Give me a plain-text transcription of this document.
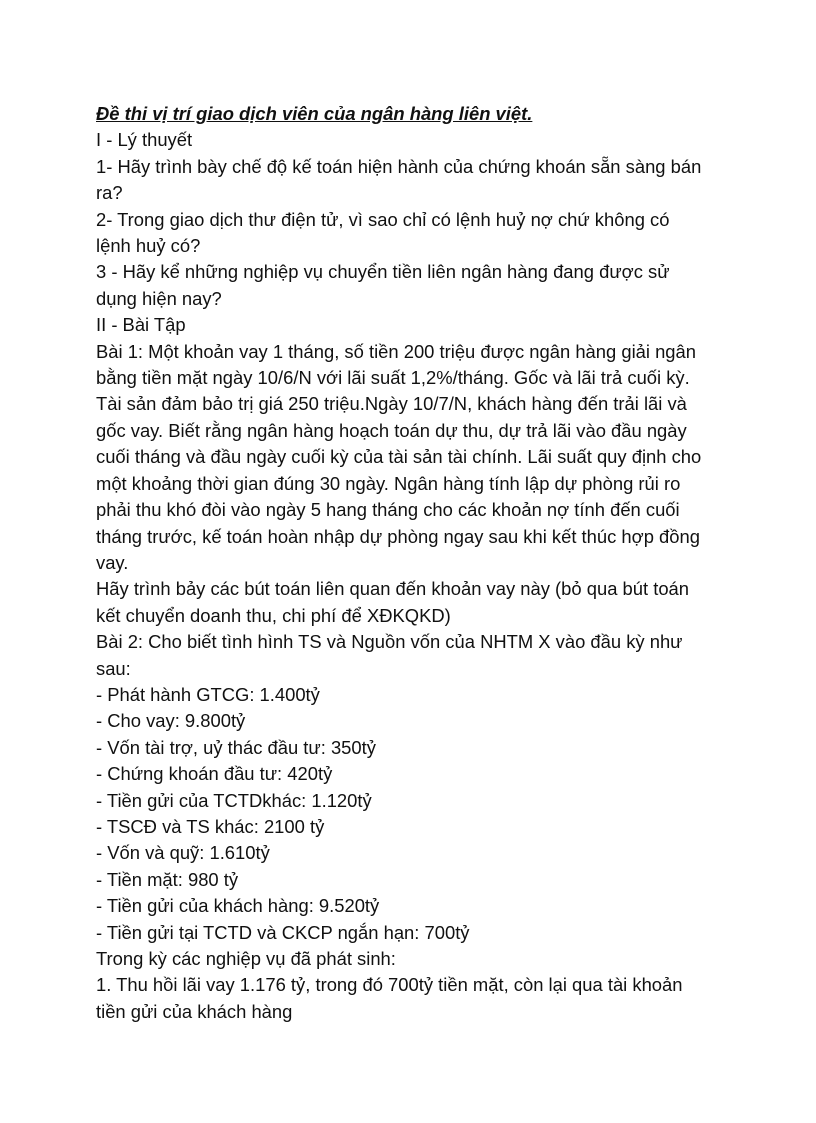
Đề thi vị trí giao dịch viên của ngân hàng liên việt.

I - Lý thuyết

1- Hãy trình bày chế độ kế toán hiện hành của chứng khoán sẵn sàng bán

ra?

2- Trong giao dịch thư điện tử, vì sao chỉ có lệnh huỷ nợ chứ không có

lệnh huỷ có?

3 - Hãy kể những nghiệp vụ chuyển tiền liên ngân hàng đang được sử

dụng hiện nay?

II - Bài Tập

Bài 1: Một khoản vay 1 tháng, số tiền 200 triệu được ngân hàng giải ngân

bằng tiền mặt ngày 10/6/N với lãi suất 1,2%/tháng. Gốc và lãi trả cuối kỳ.

Tài sản đảm bảo trị giá 250 triệu.Ngày 10/7/N, khách hàng đến trải lãi và

gốc vay. Biết rằng ngân hàng hoạch toán dự thu, dự trả lãi vào đầu ngày

cuối tháng và đầu ngày cuối kỳ của tài sản tài chính. Lãi suất quy định cho

một khoảng thời gian đúng 30 ngày. Ngân hàng tính lập dự phòng rủi ro

phải thu khó đòi vào ngày 5 hang tháng cho các khoản nợ tính đến cuối

tháng trước, kế toán hoàn nhập dự phòng ngay sau khi kết thúc hợp đồng

vay.

Hãy trình bảy các bút toán liên quan đến khoản vay này (bỏ qua bút toán

kết chuyển doanh thu, chi phí để XĐKQKD)

Bài 2: Cho biết tình hình TS và Nguồn vốn của NHTM X vào đầu kỳ như

sau:

- Phát hành GTCG: 1.400tỷ

- Cho vay: 9.800tỷ

- Vốn tài trợ, uỷ thác đầu tư: 350tỷ

- Chứng khoán đầu tư: 420tỷ

- Tiền gửi của TCTDkhác: 1.120tỷ

- TSCĐ và TS khác: 2100 tỷ

- Vốn và quỹ: 1.610tỷ

- Tiền mặt: 980 tỷ

- Tiền gửi của khách hàng: 9.520tỷ

- Tiền gửi tại TCTD và CKCP ngắn hạn: 700tỷ

Trong kỳ các nghiệp vụ đã phát sinh:

1. Thu hồi lãi vay 1.176 tỷ, trong đó 700tỷ tiền mặt, còn lại qua tài khoản

tiền gửi của khách hàng
